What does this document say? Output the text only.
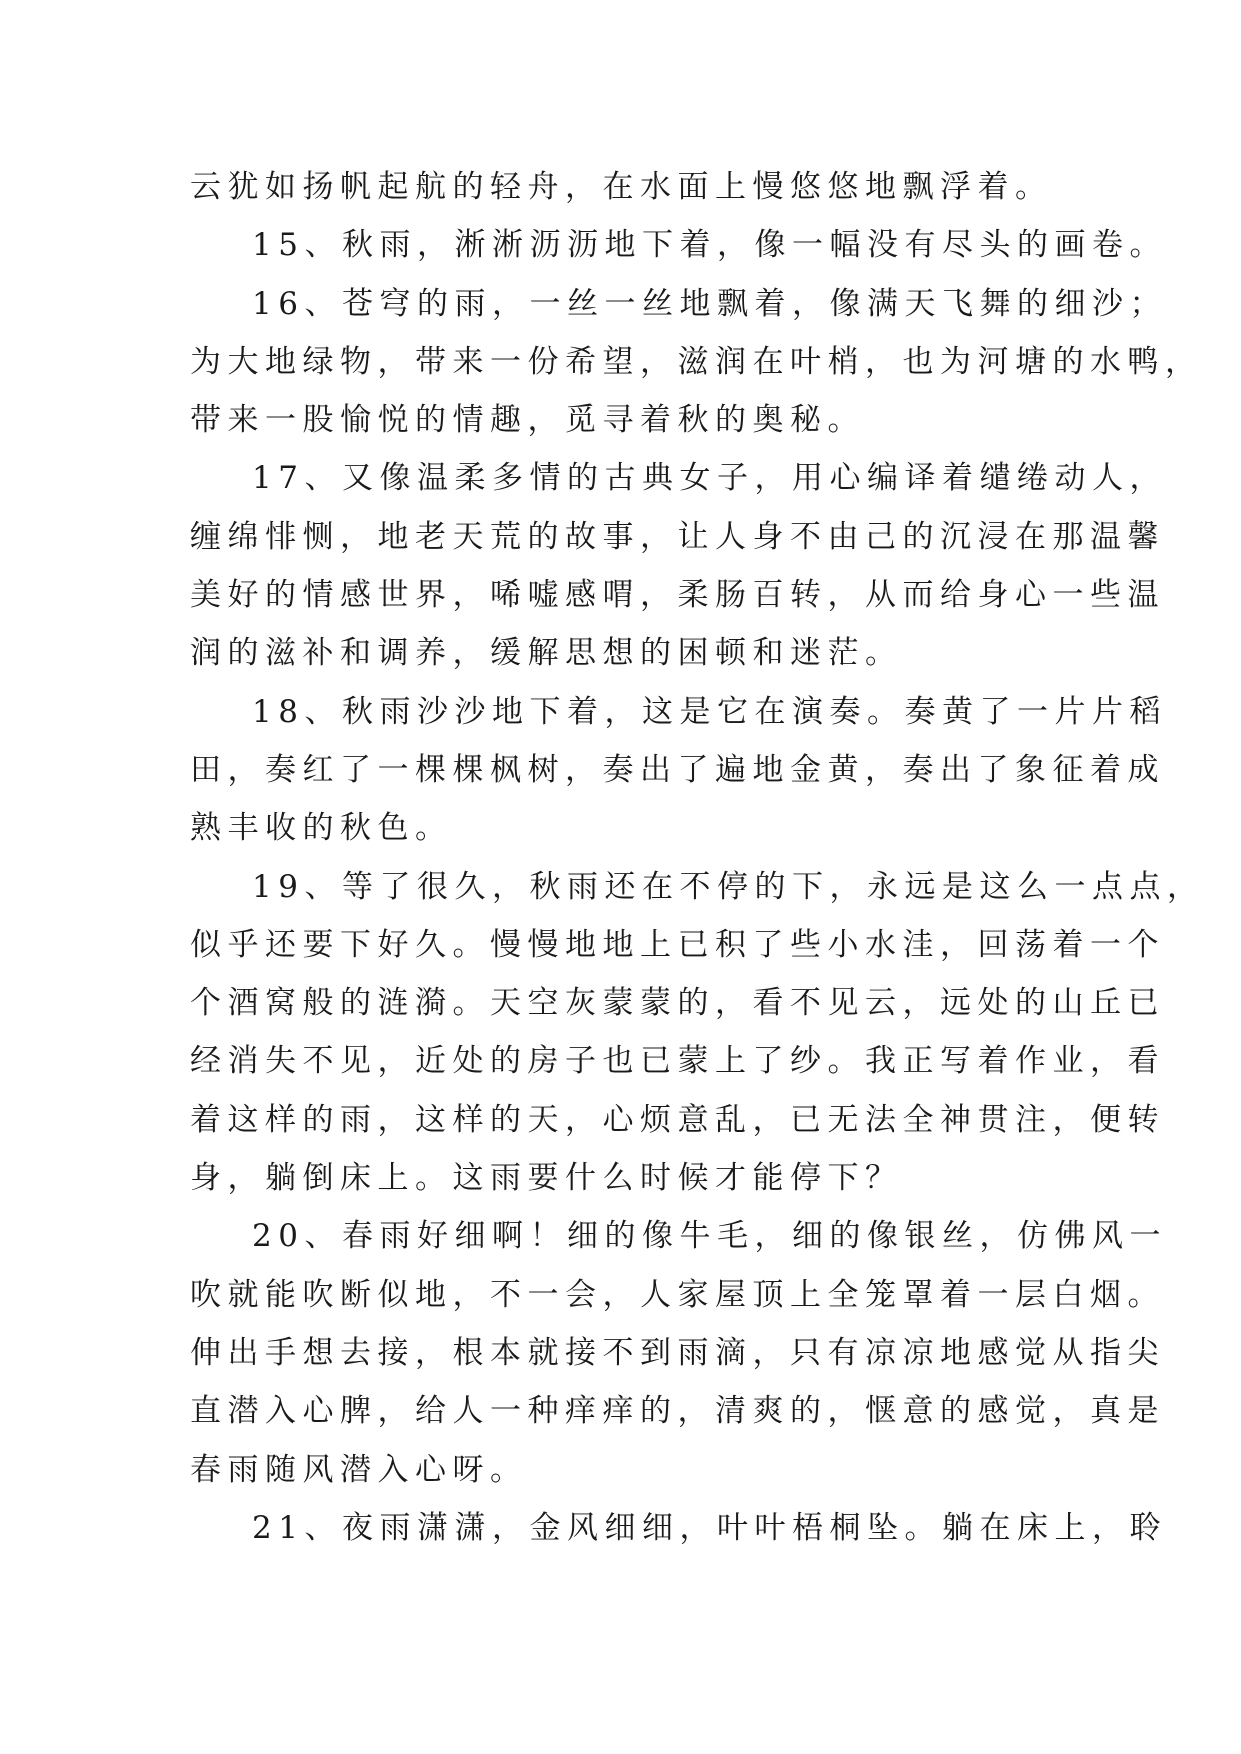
云犹如扬帆起航的轻舟，在水面上慢悠悠地飘浮着。
15、秋雨，淅淅沥沥地下着，像一幅没有尽头的画卷。
16、苍穹的雨，一丝一丝地飘着，像满天飞舞的细沙；
为大地绿物，带来一份希望，滋润在叶梢，也为河塘的水鸭，
带来一股愉悦的情趣，觅寻着秋的奥秘。
17、又像温柔多情的古典女子，用心编译着缱绻动人，
缠绵悱恻，地老天荒的故事，让人身不由己的沉浸在那温馨
美好的情感世界，唏嘘感喟，柔肠百转，从而给身心一些温
润的滋补和调养，缓解思想的困顿和迷茫。
18、秋雨沙沙地下着，这是它在演奏。奏黄了一片片稻
田，奏红了一棵棵枫树，奏出了遍地金黄，奏出了象征着成
熟丰收的秋色。
19、等了很久，秋雨还在不停的下，永远是这么一点点，
似乎还要下好久。慢慢地地上已积了些小水洼，回荡着一个
个酒窝般的涟漪。天空灰蒙蒙的，看不见云，远处的山丘已
经消失不见，近处的房子也已蒙上了纱。我正写着作业，看
着这样的雨，这样的天，心烦意乱，已无法全神贯注，便转
身，躺倒床上。这雨要什么时候才能停下？
20、春雨好细啊！细的像牛毛，细的像银丝，仿佛风一
吹就能吹断似地，不一会，人家屋顶上全笼罩着一层白烟。
伸出手想去接，根本就接不到雨滴，只有凉凉地感觉从指尖
直潜入心脾，给人一种痒痒的，清爽的，惬意的感觉，真是
春雨随风潜入心呀。
21、夜雨潇潇，金风细细，叶叶梧桐坠。躺在床上，聆
